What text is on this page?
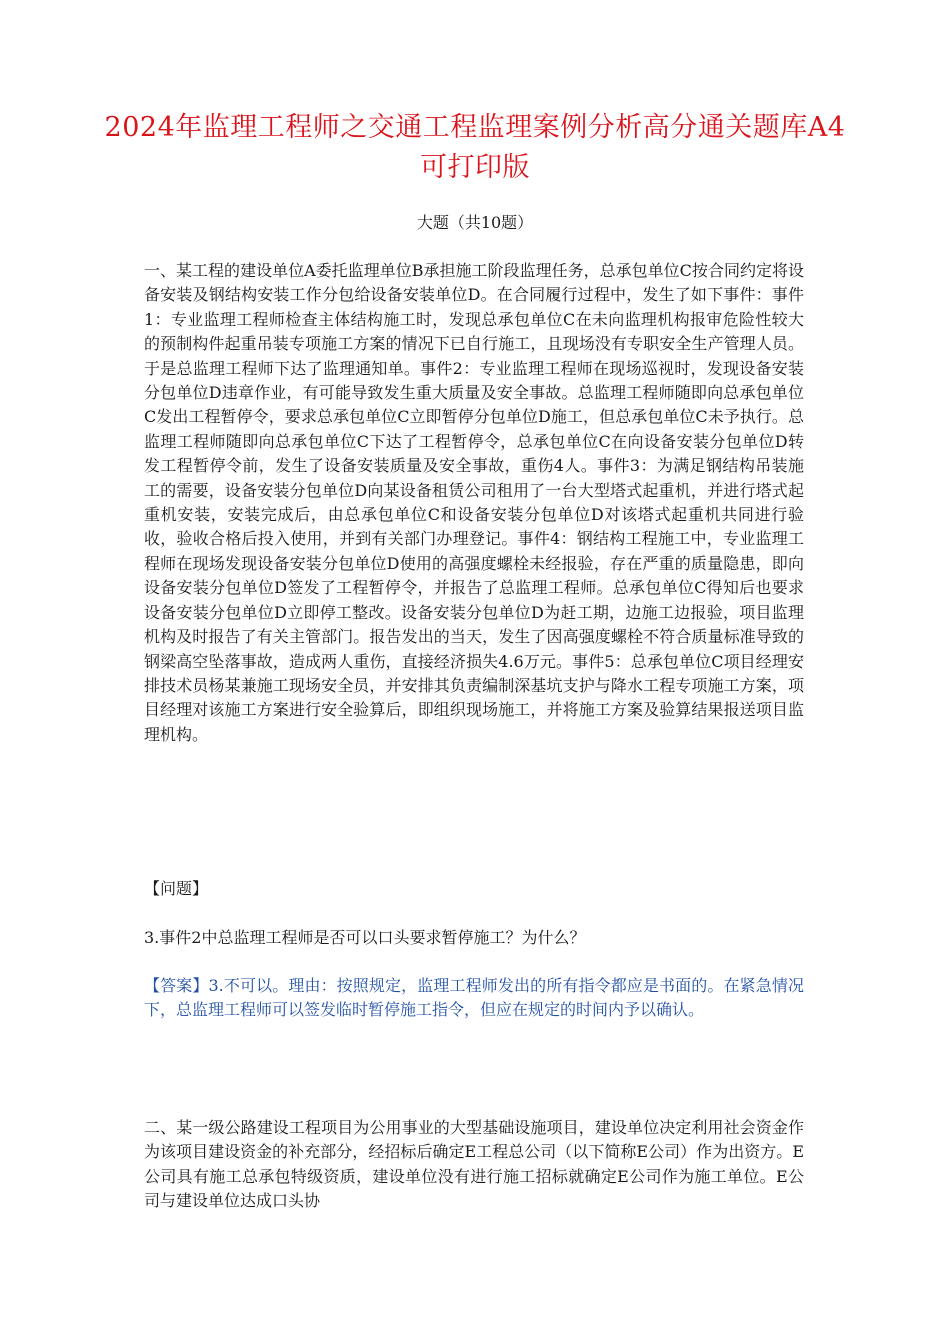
2024年监理工程师之交通工程监理案例分析高分通关题库A4可打印版

大题（共10题）

一、某工程的建设单位A委托监理单位B承担施工阶段监理任务，总承包单位C按合同约定将设备安装及钢结构安装工作分包给设备安装单位D。在合同履行过程中，发生了如下事件：事件1：专业监理工程师检查主体结构施工时，发现总承包单位C在未向监理机构报审危险性较大的预制构件起重吊装专项施工方案的情况下已自行施工，且现场没有专职安全生产管理人员。于是总监理工程师下达了监理通知单。事件2：专业监理工程师在现场巡视时，发现设备安装分包单位D违章作业，有可能导致发生重大质量及安全事故。总监理工程师随即向总承包单位C发出工程暂停令，要求总承包单位C立即暂停分包单位D施工，但总承包单位C未予执行。总监理工程师随即向总承包单位C下达了工程暂停令，总承包单位C在向设备安装分包单位D转发工程暂停令前，发生了设备安装质量及安全事故，重伤4人。事件3：为满足钢结构吊装施工的需要，设备安装分包单位D向某设备租赁公司租用了一台大型塔式起重机，并进行塔式起重机安装，安装完成后，由总承包单位C和设备安装分包单位D对该塔式起重机共同进行验收，验收合格后投入使用，并到有关部门办理登记。事件4：钢结构工程施工中，专业监理工程师在现场发现设备安装分包单位D使用的高强度螺栓未经报验，存在严重的质量隐患，即向设备安装分包单位D签发了工程暂停令，并报告了总监理工程师。总承包单位C得知后也要求设备安装分包单位D立即停工整改。设备安装分包单位D为赶工期，边施工边报验，项目监理机构及时报告了有关主管部门。报告发出的当天，发生了因高强度螺栓不符合质量标准导致的钢梁高空坠落事故，造成两人重伤，直接经济损失4.6万元。事件5：总承包单位C项目经理安排技术员杨某兼施工现场安全员，并安排其负责编制深基坑支护与降水工程专项施工方案，项目经理对该施工方案进行安全验算后，即组织现场施工，并将施工方案及验算结果报送项目监理机构。

【问题】

3.事件2中总监理工程师是否可以口头要求暂停施工？为什么？

【答案】3.不可以。理由：按照规定，监理工程师发出的所有指令都应是书面的。在紧急情况下，总监理工程师可以签发临时暂停施工指令，但应在规定的时间内予以确认。

二、某一级公路建设工程项目为公用事业的大型基础设施项目，建设单位决定利用社会资金作为该项目建设资金的补充部分，经招标后确定E工程总公司（以下简称E公司）作为出资方。E公司具有施工总承包特级资质，建设单位没有进行施工招标就确定E公司作为施工单位。E公司与建设单位达成口头协
